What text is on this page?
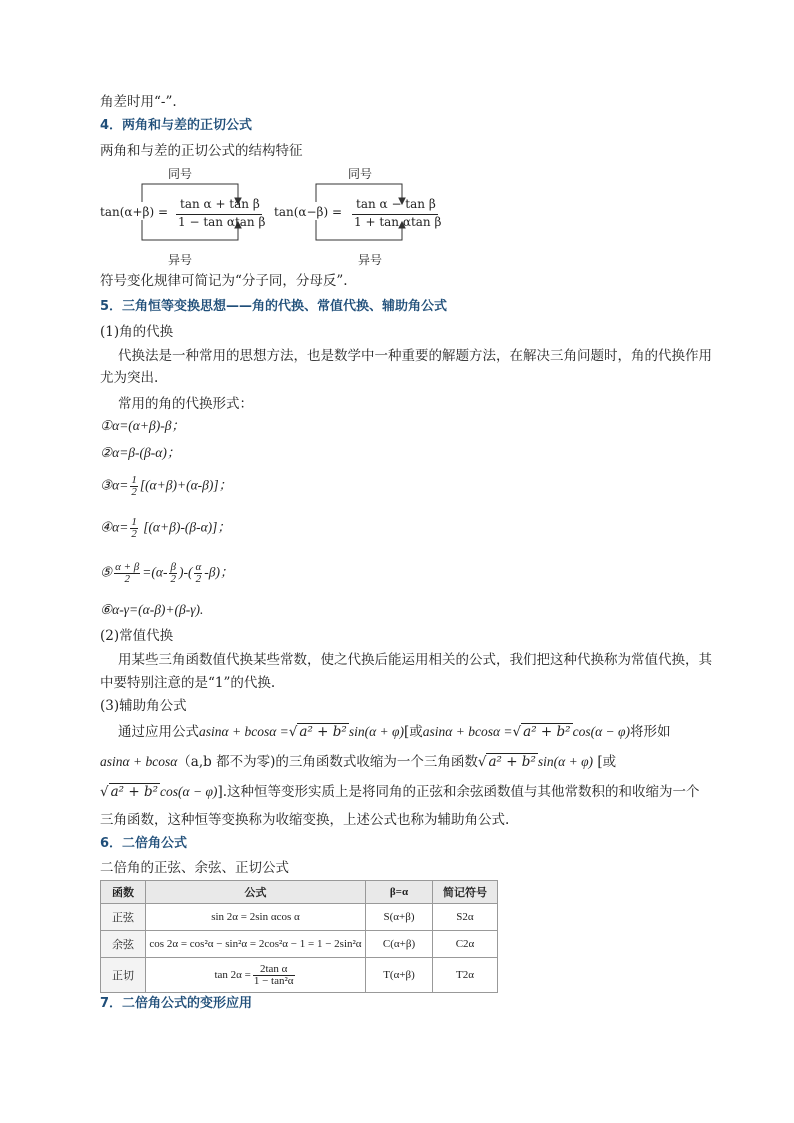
角差时用“-”.
4．两角和与差的正切公式
两角和与差的正切公式的结构特征
同号	同号
异号	异号
tan(α+β) =
tan α + tan β
1 − tan αtan β
tan(α−β) =
tan α − tan β
1 + tan αtan β
符号变化规律可简记为“分子同，分母反”.
5．三角恒等变换思想——角的代换、常值代换、辅助角公式
(1)角的代换
代换法是一种常用的思想方法，也是数学中一种重要的解题方法，在解决三角问题时，角的代换作用
尤为突出.
常用的角的代换形式：
①α=(α+β)-β；
②α=β-(β-α)；
③α= $\frac{1}{2} [(\alpha+\beta)+(\alpha-\beta)]$；
④α= $\frac{1}{2} [(\alpha+\beta)-(\beta-\alpha)]$；
⑤ $\frac{\alpha + \beta}{2} =(\alpha- \frac{\beta}{2}$ )-( $\frac{\alpha}{2} -\beta$)；
⑥α-γ=(α-β)+(β-γ).
(2)常值代换
用某些三角函数值代换某些常数，使之代换后能运用相关的公式，我们把这种代换称为常值代换，其
中要特别注意的是“1”的代换.
(3)辅助角公式
通过应用公式asinα + bcosα =√ a² + b² sin(α + φ)[或asinα + bcosα =√ a² + b² cos(α − φ)将形如
asinα + bcosα（a,b 都不为零)的三角函数式收缩为一个三角函数√ a² + b² sin(α + φ) [或
√ a² + b² cos(α − φ)].这种恒等变形实质上是将同角的正弦和余弦函数值与其他常数积的和收缩为一个
三角函数，这种恒等变换称为收缩变换，上述公式也称为辅助角公式.
6．二倍角公式
二倍角的正弦、余弦、正切公式
函数	公式	β=α	简记符号
正弦	sin 2α = 2sin αcos α	S(α+β)	S2α
余弦	cos 2α = cos²α − sin²α = 2cos²α − 1 = 1 − 2sin²α	C(α+β)	C2α
正切	$\tan 2\alpha = \frac{\text{2tan α}}{\text{1 − tan²α}}$	T(α+β)	T2α
7．二倍角公式的变形应用
